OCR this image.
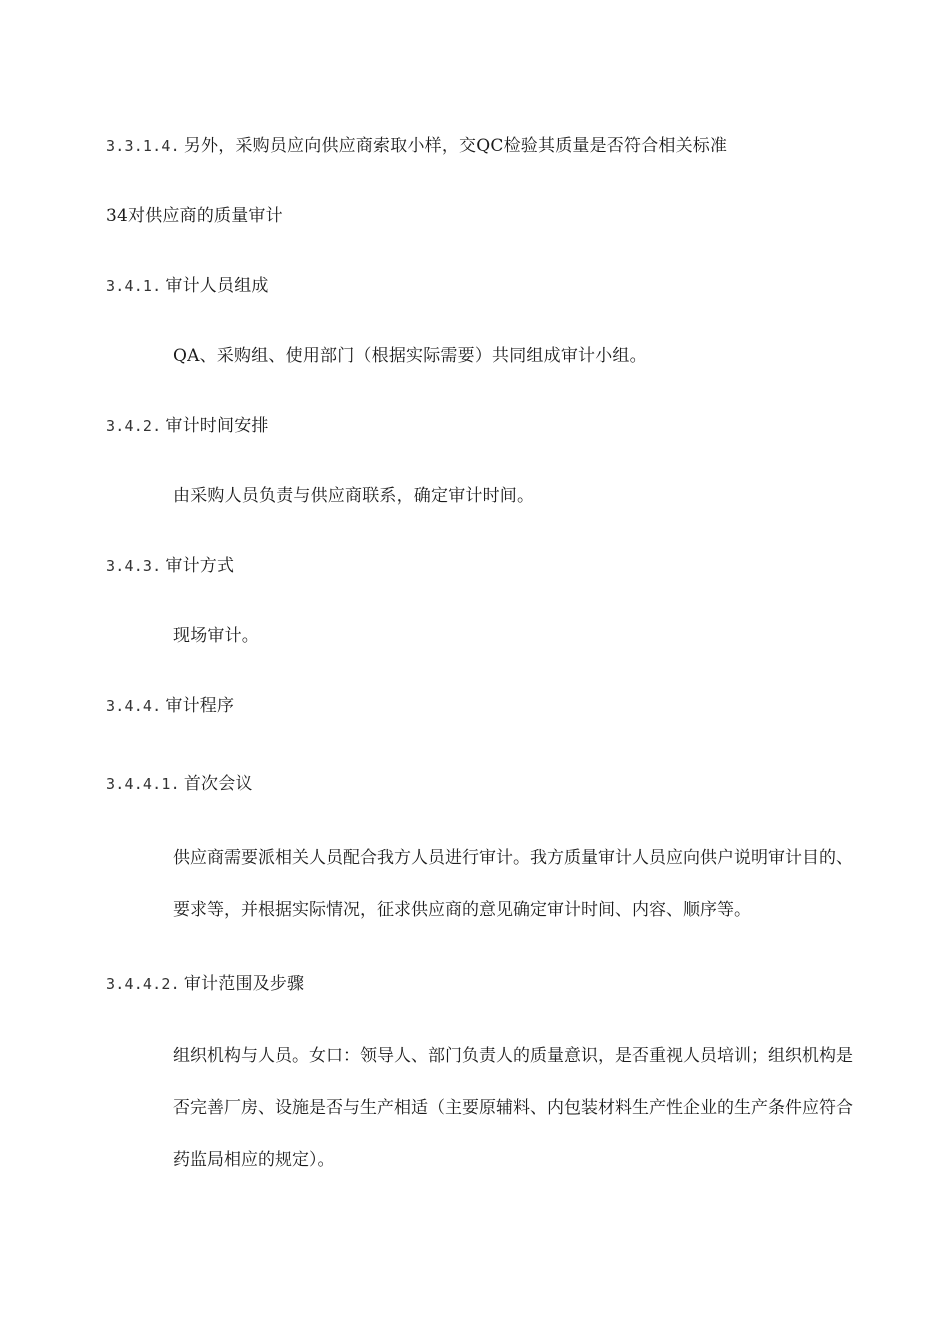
3.3.1.4. 另外，采购员应向供应商索取小样，交QC检验其质量是否符合相关标准
34对供应商的质量审计
3.4.1. 审计人员组成
QA、采购组、使用部门（根据实际需要）共同组成审计小组。
3.4.2. 审计时间安排
由采购人员负责与供应商联系，确定审计时间。
3.4.3. 审计方式
现场审计。
3.4.4. 审计程序
3.4.4.1. 首次会议
供应商需要派相关人员配合我方人员进行审计。我方质量审计人员应向供户说明审计目的、要求等，并根据实际情况，征求供应商的意见确定审计时间、内容、顺序等。
3.4.4.2. 审计范围及步骤
组织机构与人员。女口：领导人、部门负责人的质量意识，是否重视人员培训；组织机构是否完善厂房、设施是否与生产相适（主要原辅料、内包装材料生产性企业的生产条件应符合药监局相应的规定）。
